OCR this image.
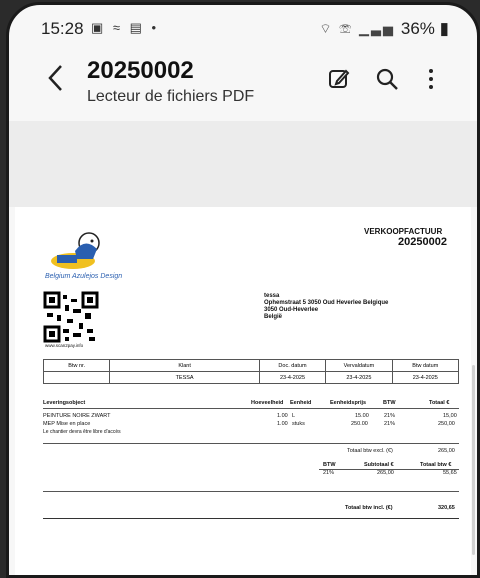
15:28 ▣ ≈ ▤ •	⌔ ☏ ▁▃▅ 36% ▮
20250002
Lecteur de fichiers PDF
VERKOOPFACTUUR
20250002
Belgium Azulejos Design
www.scan2pay.info
tessa
Ophemstraat 5 3050 Oud Heverlee Belgique
3050 Oud-Heverlee
België
Btw nr.	Klant	Doc. datum	Vervaldatum	Btw datum
	TESSA	23-4-2025	23-4-2025	23-4-2025
Leveringsobject	Hoeveelheid Eenheid	Eenheidsprijs	BTW	Totaal €
PEINTURE NOIRE ZWART	1.00 L	15.00	21%	15,00
MEP Mise en place	1.00 stuks	250.00	21%	250,00
Le chantier devra être libre d'accès
Totaal btw excl. (€)	265,00
BTW	Subtotaal €	Totaal btw €
21%	265,00	55,65
Totaal btw incl. (€)	320,65
